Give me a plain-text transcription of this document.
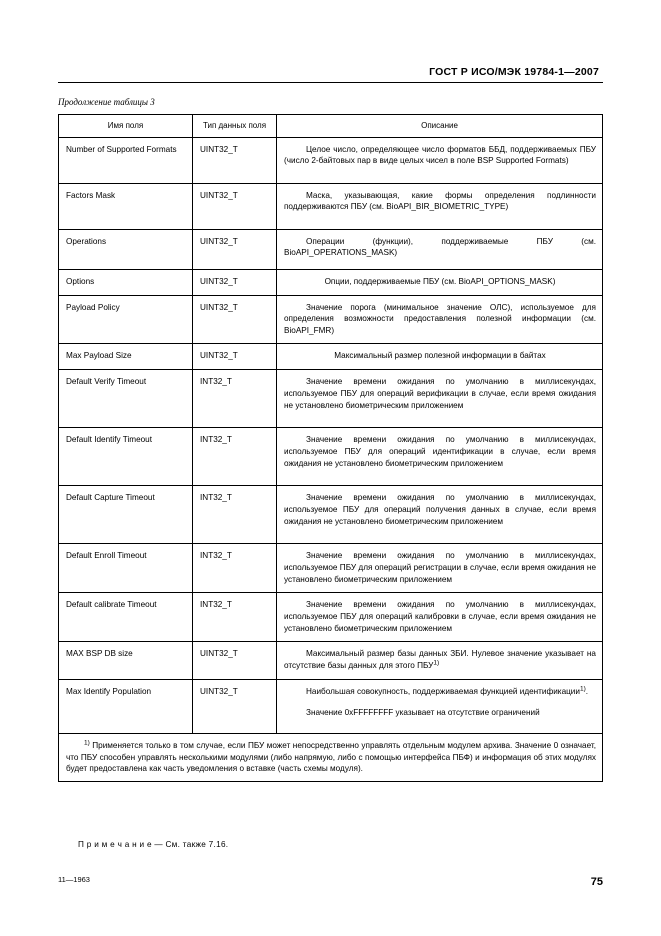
ГОСТ Р ИСО/МЭК 19784-1—2007
Продолжение таблицы 3
Имя поля	Тип данных поля	Описание
Number of Supported Formats	UINT32_T	Целое число, определяющее число форматов ББД, поддерживаемых ПБУ (число 2-байтовых пар в виде целых чисел в поле BSP Supported Formats)

Factors Mask	UINT32_T	Маска, указывающая, какие формы определения подлинности поддерживаются ПБУ (см. BioAPI_BIR_BIOMETRIC_TYPE)

Operations	UINT32_T	Операции (функции), поддерживаемые ПБУ (см. BioAPI_OPERATIONS_MASK)

Options	UINT32_T	Опции, поддерживаемые ПБУ (см. BioAPI_OPTIONS_MASK)
Payload Policy	UINT32_T	Значение порога (минимальное значение ОЛС), используемое для определения возможности предоставления полезной информации (см. BioAPI_FMR)

Max Payload Size	UINT32_T	Максимальный размер полезной информации в байтах
Default Verify Timeout	INT32_T	Значение времени ожидания по умолчанию в миллисекундах, используемое ПБУ для операций верификации в случае, если время ожидания не установлено биометрическим приложением

Default Identify Timeout	INT32_T	Значение времени ожидания по умолчанию в миллисекундах, используемое ПБУ для операций идентификации в случае, если время ожидания не установлено биометрическим приложением

Default Capture Timeout	INT32_T	Значение времени ожидания по умолчанию в миллисекундах, используемое ПБУ для операций получения данных в случае, если время ожидания не установлено биометрическим приложением

Default Enroll Timeout	INT32_T	Значение времени ожидания по умолчанию в миллисекундах, используемое ПБУ для операций регистрации в случае, если время ожидания не установлено биометрическим приложением

Default calibrate Timeout	INT32_T	Значение времени ожидания по умолчанию в миллисекундах, используемое ПБУ для операций калибровки в случае, если время ожидания не установлено биометрическим приложением

MAX BSP DB size	UINT32_T	Максимальный размер базы данных ЗБИ. Нулевое значение указывает на отсутствие базы данных для этого ПБУ$^{1)}$

Max Identify Population	UINT32_T	Наибольшая совокупность, поддерживаемая функцией идентификации$^{1)}$.
Значение 0xFFFFFFFF указывает на отсутствие ограничений

$^{1)}$ Применяется только в том случае, если ПБУ может непосредственно управлять отдельным модулем архива. Значение 0 означает, что ПБУ способен управлять несколькими модулями (либо напрямую, либо с помощью интерфейса ПБФ) и информация об этих модулях будет предоставлена как часть уведомления о вставке (часть схемы модуля).		
П р и м е ч а н и е — См. также 7.16.
11—1963	75
